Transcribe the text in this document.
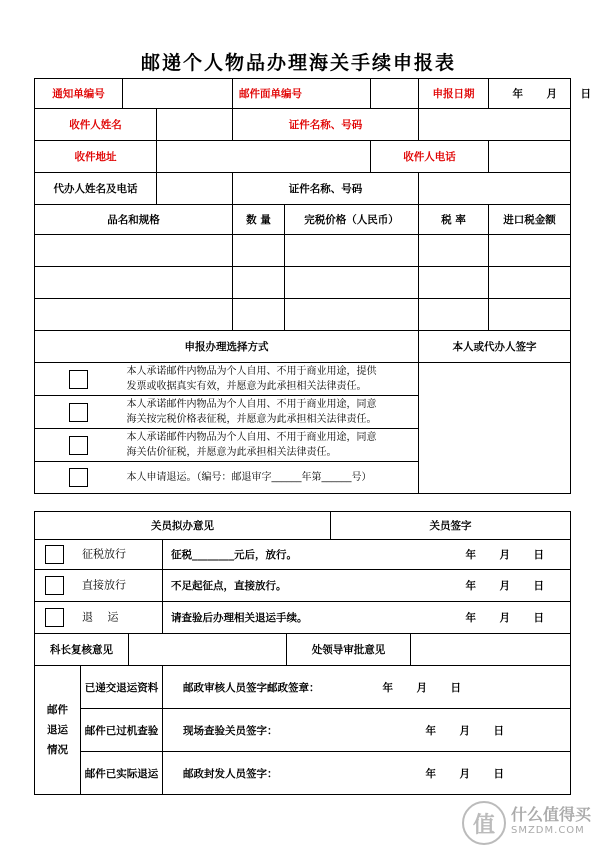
邮递个人物品办理海关手续申报表
通知单编号			邮件面单编号			申报日期	年 月 日
收件人姓名			证件名称、号码				
收件地址					收件人电话		
代办人姓名及电话			证件名称、号码				
品名和规格			数 量	完税价格（人民币）		税 率	进口税金额

申报办理选择方式						本人或代办人签字	
	本人承诺邮件内物品为个人自用、不用于商业用途，提供
发票或收据真实有效，并愿意为此承担相关法律责任。						
	本人承诺邮件内物品为个人自用、不用于商业用途，同意
海关按完税价格表征税，并愿意为此承担相关法律责任。						
	本人承诺邮件内物品为个人自用、不用于商业用途，同意
海关估价征税，并愿意为此承担相关法律责任。						
	本人申请退运。（编号：邮退审字______年第______号）						
关员拟办意见					关员签字	
征税放行			征税________元后，放行。		年 月 日	
直接放行			不足起征点，直接放行。		年 月 日	
退 　运			请查验后办理相关退运手续。		年 月 日	
科长复核意见				处领导审批意见		
邮件退运情况	已递交退运资料		邮政审核人员签字：邮政签章： 年 月 日			
	邮件已过机查验		现场查验关员签字： 年 月 日			
	邮件已实际退运		邮政封发人员签字： 年 月 日			
值	什么值得买
SMZDM.COM
